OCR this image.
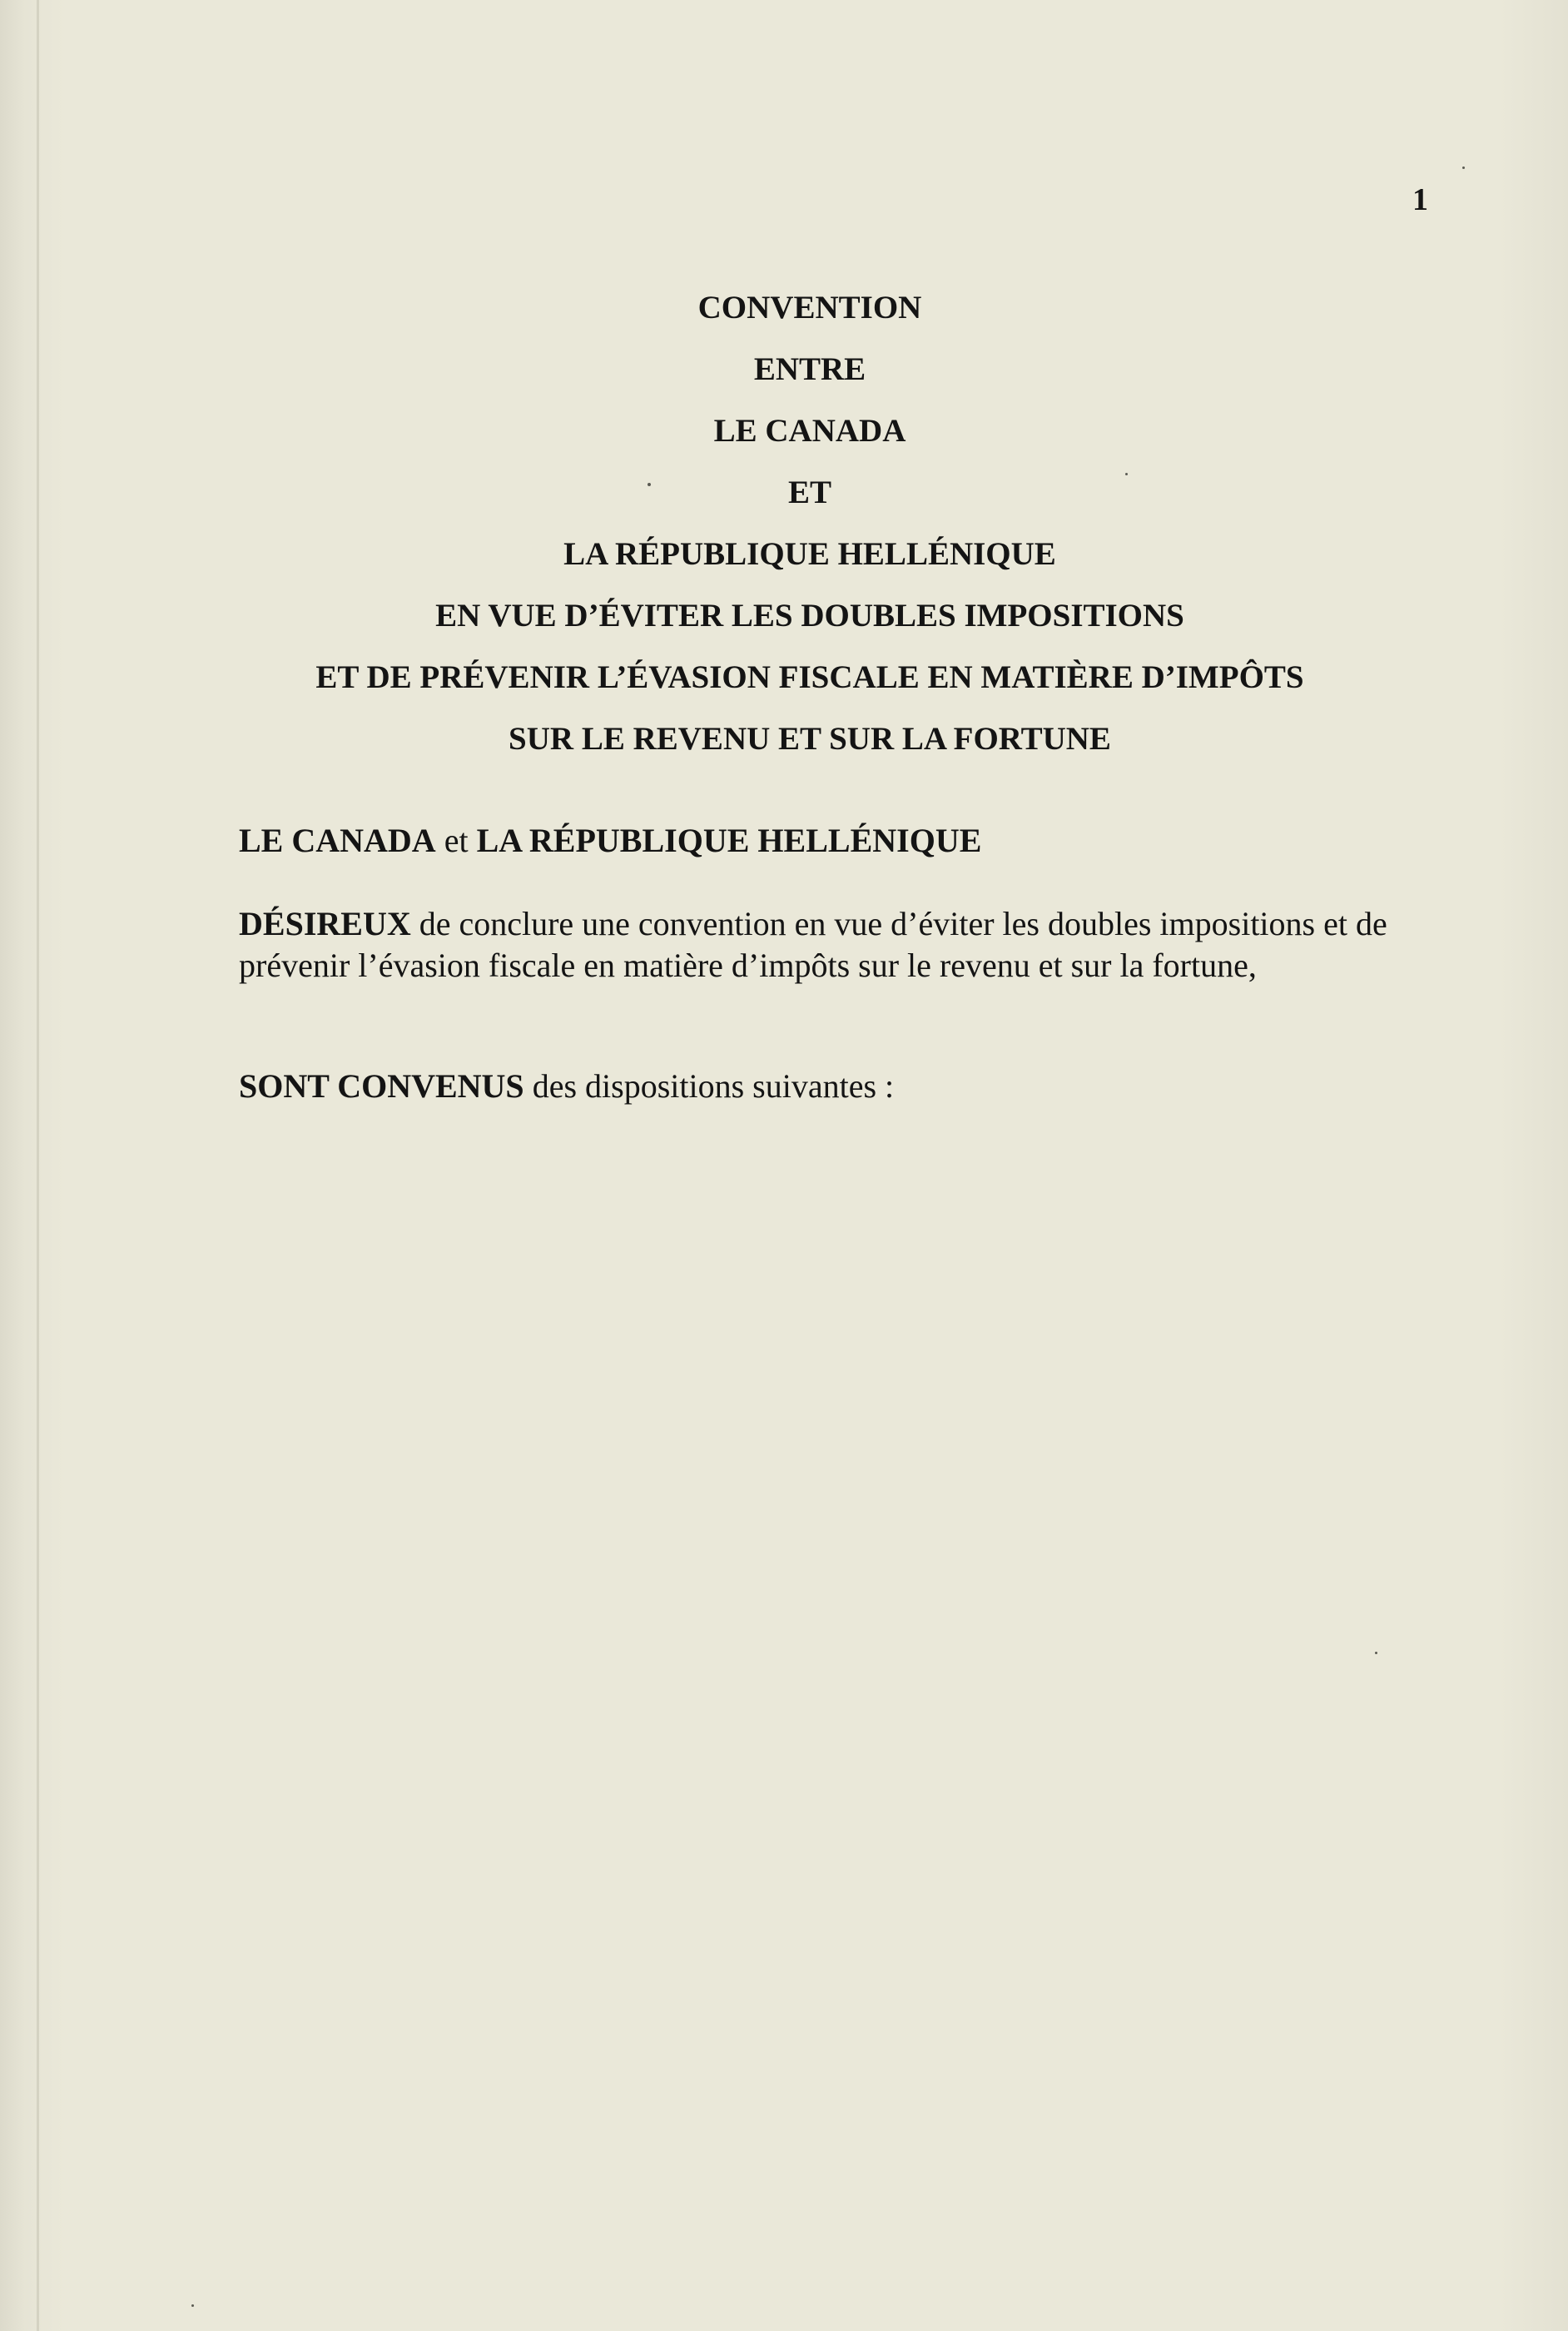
1
CONVENTION
ENTRE
LE CANADA
ET
LA RÉPUBLIQUE HELLÉNIQUE
EN VUE D’ÉVITER LES DOUBLES IMPOSITIONS
ET DE PRÉVENIR L’ÉVASION FISCALE EN MATIÈRE D’IMPÔTS
SUR LE REVENU ET SUR LA FORTUNE
LE CANADA et LA RÉPUBLIQUE HELLÉNIQUE
DÉSIREUX de conclure une convention en vue d’éviter les doubles impositions et de prévenir l’évasion fiscale en matière d’impôts sur le revenu et sur la fortune,
SONT CONVENUS des dispositions suivantes :
